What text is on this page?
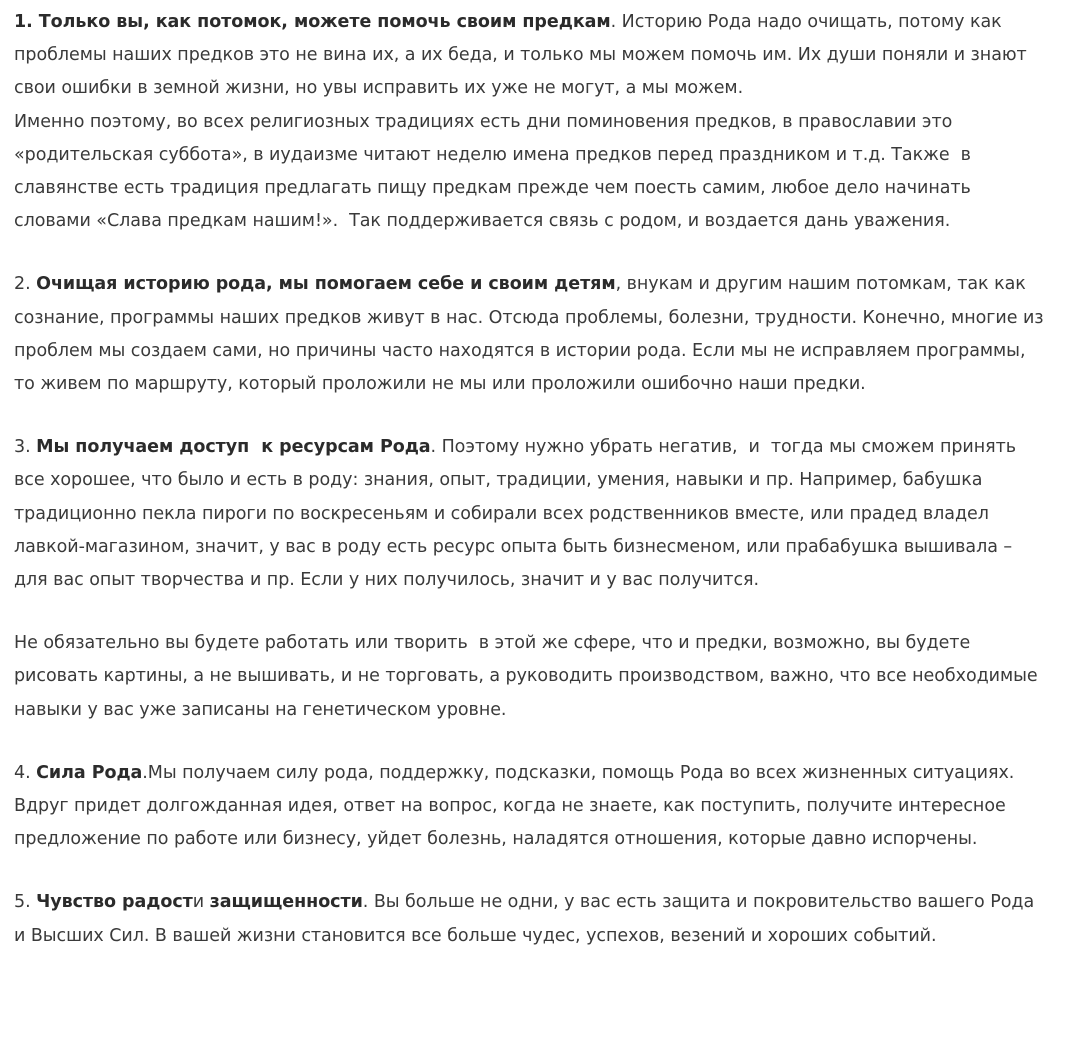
1. Только вы, как потомок, можете помочь своим предкам. Историю Рода надо очищать, потому как проблемы наших предков это не вина их, а их беда, и только мы можем помочь им. Их души поняли и знают свои ошибки в земной жизни, но увы исправить их уже не могут, а мы можем.

Именно поэтому, во всех религиозных традициях есть дни поминовения предков, в православии это «родительская суббота», в иудаизме читают неделю имена предков перед праздником и т.д. Также  в славянстве есть традиция предлагать пищу предкам прежде чем поесть самим, любое дело начинать словами «Слава предкам нашим!».  Так поддерживается связь с родом, и воздается дань уважения.

2. Очищая историю рода, мы помогаем себе и своим детям, внукам и другим нашим потомкам, так как сознание, программы наших предков живут в нас. Отсюда проблемы, болезни, трудности. Конечно, многие из проблем мы создаем сами, но причины часто находятся в истории рода. Если мы не исправляем программы, то живем по маршруту, который проложили не мы или проложили ошибочно наши предки.

3. Мы получаем доступ  к ресурсам Рода. Поэтому нужно убрать негатив,  и  тогда мы сможем принять все хорошее, что было и есть в роду: знания, опыт, традиции, умения, навыки и пр. Например, бабушка традиционно пекла пироги по воскресеньям и собирали всех родственников вместе, или прадед владел лавкой-магазином, значит, у вас в роду есть ресурс опыта быть бизнесменом, или прабабушка вышивала –  для вас опыт творчества и пр. Если у них получилось, значит и у вас получится.

Не обязательно вы будете работать или творить  в этой же сфере, что и предки, возможно, вы будете рисовать картины, а не вышивать, и не торговать, а руководить производством, важно, что все необходимые навыки у вас уже записаны на генетическом уровне.

4. Сила Рода.Мы получаем силу рода, поддержку, подсказки, помощь Рода во всех жизненных ситуациях. Вдруг придет долгожданная идея, ответ на вопрос, когда не знаете, как поступить, получите интересное предложение по работе или бизнесу, уйдет болезнь, наладятся отношения, которые давно испорчены.

5. Чувство радости защищенности. Вы больше не одни, у вас есть защита и покровительство вашего Рода и Высших Сил. В вашей жизни становится все больше чудес, успехов, везений и хороших событий.
